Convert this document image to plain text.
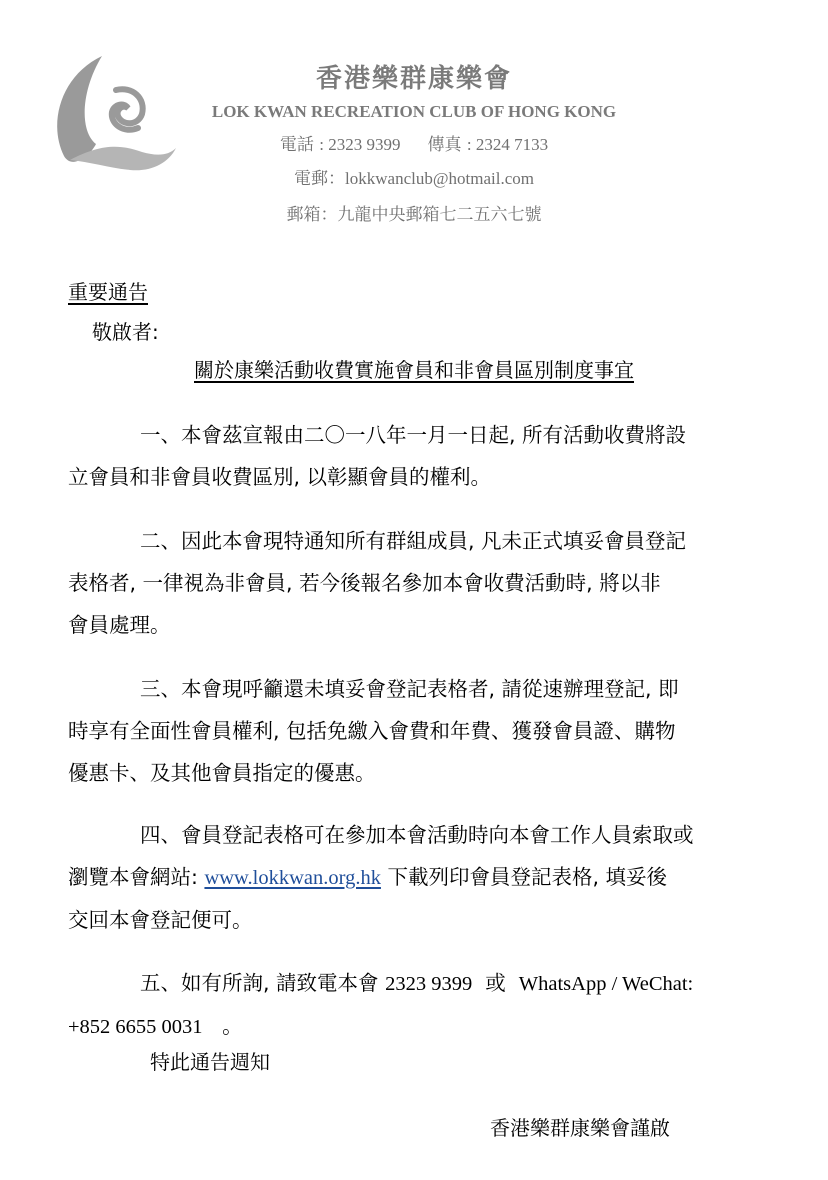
香港樂群康樂會
LOK KWAN RECREATION CLUB OF HONG KONG
電話 : 2323 9399 傳真 : 2324 7133
電郵：lokkwanclub@hotmail.com
郵箱：九龍中央郵箱七二五六七號
重要通告
敬啟者:
關於康樂活動收費實施會員和非會員區別制度事宜

一、本會茲宣報由二〇一八年一月一日起, 所有活動收費將設

立會員和非會員收費區別, 以彰顯會員的權利。

二、因此本會現特通知所有群組成員, 凡未正式填妥會員登記

表格者, 一律視為非會員, 若今後報名參加本會收費活動時, 將以非

會員處理。

三、本會現呼籲還未填妥會登記表格者, 請從速辦理登記, 即

時享有全面性會員權利, 包括免繳入會費和年費、獲發會員證、購物

優惠卡、及其他會員指定的優惠。

四、會員登記表格可在參加本會活動時向本會工作人員索取或

瀏覽本會網站: www.lokkwan.org.hk 下載列印會員登記表格, 填妥後

交回本會登記便可。

五、如有所詢, 請致電本會 2323 9399 或 WhatsApp / WeChat:

+852 6655 0031 。

特此通告週知
香港樂群康樂會謹啟
